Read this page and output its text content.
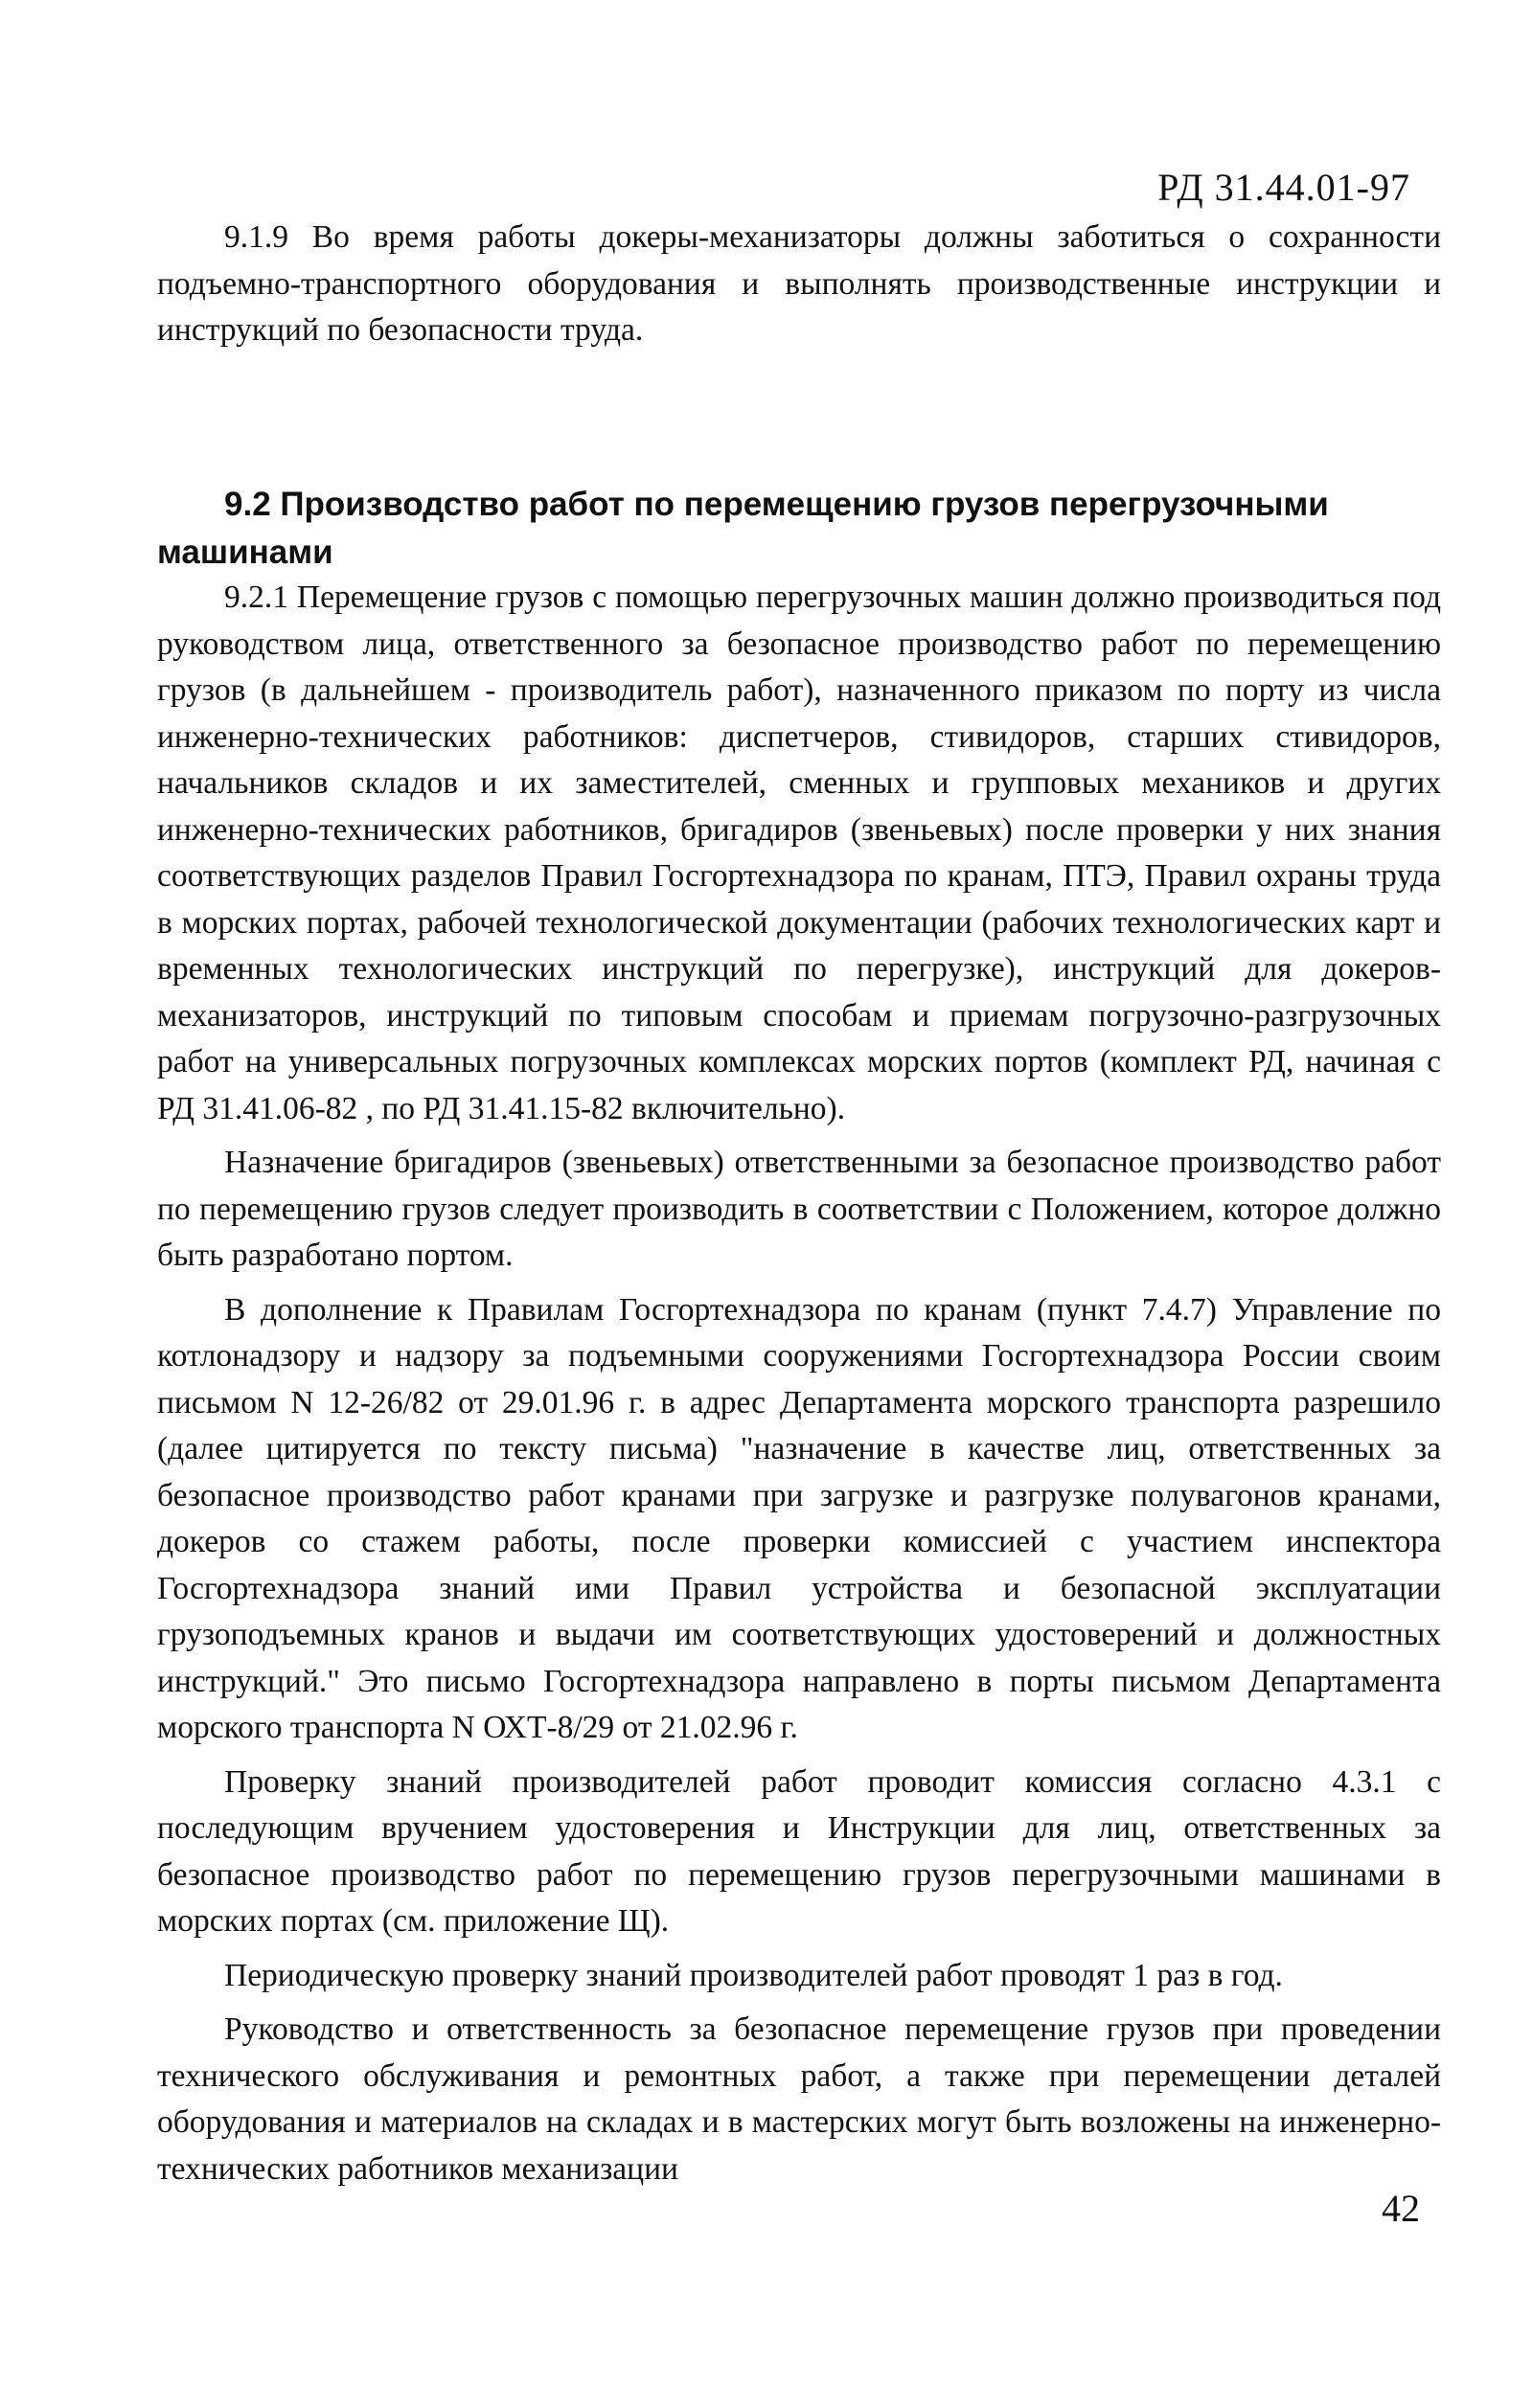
РД 31.44.01-97

9.1.9 Во время работы докеры-механизаторы должны заботиться о сохранности подъемно-транспортного оборудования и выполнять производственные инструкции и инструкций по безопасности труда.

9.2 Производство работ по перемещению грузов перегрузочными машинами

9.2.1 Перемещение грузов с помощью перегрузочных машин должно производиться под руководством лица, ответственного за безопасное производство работ по перемещению грузов (в дальнейшем - производитель работ), назначенного приказом по порту из числа инженерно-технических работников: диспетчеров, стивидоров, старших стивидоров, начальников складов и их заместителей, сменных и групповых механиков и других инженерно-технических работников, бригадиров (звеньевых) после проверки у них знания соответствующих разделов Правил Госгортехнадзора по кранам, ПТЭ, Правил охраны труда в морских портах, рабочей технологической документации (рабочих технологических карт и временных технологических инструкций по перегрузке), инструкций для докеров-механизаторов, инструкций по типовым способам и приемам погрузочно-разгрузочных работ на универсальных погрузочных комплексах морских портов (комплект РД, начиная с РД 31.41.06-82 , по РД 31.41.15-82 включительно).

Назначение бригадиров (звеньевых) ответственными за безопасное производство работ по перемещению грузов следует производить в соответствии с Положением, которое должно быть разработано портом.

В дополнение к Правилам Госгортехнадзора по кранам (пункт 7.4.7) Управление по котлонадзору и надзору за подъемными сооружениями Госгортехнадзора России своим письмом N 12-26/82 от 29.01.96 г. в адрес Департамента морского транспорта разрешило (далее цитируется по тексту письма) "назначение в качестве лиц, ответственных за безопасное производство работ кранами при загрузке и разгрузке полувагонов кранами, докеров со стажем работы, после проверки комиссией с участием инспектора Госгортехнадзора знаний ими Правил устройства и безопасной эксплуатации грузоподъемных кранов и выдачи им соответствующих удостоверений и должностных инструкций." Это письмо Госгортехнадзора направлено в порты письмом Департамента морского транспорта N ОХТ-8/29 от 21.02.96 г.

Проверку знаний производителей работ проводит комиссия согласно 4.3.1 с последующим вручением удостоверения и Инструкции для лиц, ответственных за безопасное производство работ по перемещению грузов перегрузочными машинами в морских портах (см. приложение Щ).

Периодическую проверку знаний производителей работ проводят 1 раз в год.

Руководство и ответственность за безопасное перемещение грузов при проведении технического обслуживания и ремонтных работ, а также при перемещении деталей оборудования и материалов на складах и в мастерских могут быть возложены на инженерно-технических работников механизации

42
